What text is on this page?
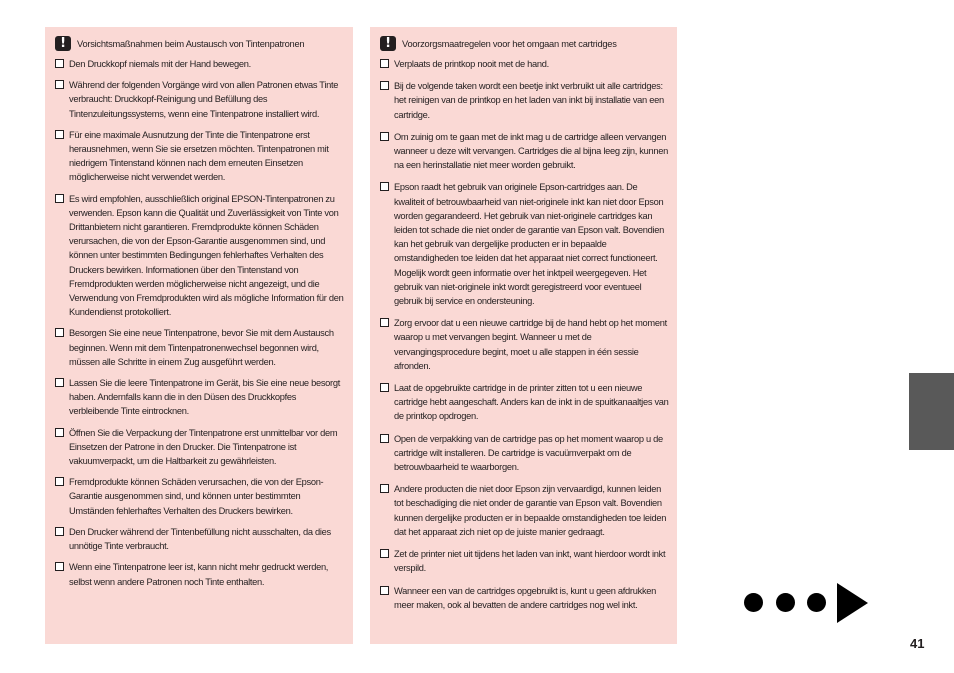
!	Vorsichtsmaßnahmen beim Austausch von Tintenpatronen
Den Druckkopf niemals mit der Hand bewegen.
Während der folgenden Vorgänge wird von allen Patronen etwas Tinte verbraucht: Druckkopf-Reinigung und Befüllung des Tintenzuleitungssystems, wenn eine Tintenpatrone installiert wird.
Für eine maximale Ausnutzung der Tinte die Tintenpatrone erst herausnehmen, wenn Sie sie ersetzen möchten. Tintenpatronen mit niedrigem Tintenstand können nach dem erneuten Einsetzen möglicherweise nicht verwendet werden.
Es wird empfohlen, ausschließlich original EPSON-Tintenpatronen zu verwenden. Epson kann die Qualität und Zuverlässigkeit von Tinte von Drittanbietern nicht garantieren. Fremdprodukte können Schäden verursachen, die von der Epson-Garantie ausgenommen sind, und können unter bestimmten Bedingungen fehlerhaftes Verhalten des Druckers bewirken. Informationen über den Tintenstand von Fremdprodukten werden möglicherweise nicht angezeigt, und die Verwendung von Fremdprodukten wird als mögliche Information für den Kundendienst protokolliert.
Besorgen Sie eine neue Tintenpatrone, bevor Sie mit dem Austausch beginnen. Wenn mit dem Tintenpatronenwechsel begonnen wird, müssen alle Schritte in einem Zug ausgeführt werden.
Lassen Sie die leere Tintenpatrone im Gerät, bis Sie eine neue besorgt haben. Andernfalls kann die in den Düsen des Druckkopfes verbleibende Tinte eintrocknen.
Öffnen Sie die Verpackung der Tintenpatrone erst unmittelbar vor dem Einsetzen der Patrone in den Drucker. Die Tintenpatrone ist vakuumverpackt, um die Haltbarkeit zu gewährleisten.
Fremdprodukte können Schäden verursachen, die von der Epson-Garantie ausgenommen sind, und können unter bestimmten Umständen fehlerhaftes Verhalten des Druckers bewirken.
Den Drucker während der Tintenbefüllung nicht ausschalten, da dies unnötige Tinte verbraucht.
Wenn eine Tintenpatrone leer ist, kann nicht mehr gedruckt werden, selbst wenn andere Patronen noch Tinte enthalten.
!	Voorzorgsmaatregelen voor het omgaan met cartridges
Verplaats de printkop nooit met de hand.
Bij de volgende taken wordt een beetje inkt verbruikt uit alle cartridges: het reinigen van de printkop en het laden van inkt bij installatie van een cartridge.
Om zuinig om te gaan met de inkt mag u de cartridge alleen vervangen wanneer u deze wilt vervangen. Cartridges die al bijna leeg zijn, kunnen na een herinstallatie niet meer worden gebruikt.
Epson raadt het gebruik van originele Epson-cartridges aan. De kwaliteit of betrouwbaarheid van niet-originele inkt kan niet door Epson worden gegarandeerd. Het gebruik van niet-originele cartridges kan leiden tot schade die niet onder de garantie van Epson valt. Bovendien kan het gebruik van dergelijke producten er in bepaalde omstandigheden toe leiden dat het apparaat niet correct functioneert. Mogelijk wordt geen informatie over het inktpeil weergegeven. Het gebruik van niet-originele inkt wordt geregistreerd voor eventueel gebruik bij service en ondersteuning.
Zorg ervoor dat u een nieuwe cartridge bij de hand hebt op het moment waarop u met vervangen begint. Wanneer u met de vervangingsprocedure begint, moet u alle stappen in één sessie afronden.
Laat de opgebruikte cartridge in de printer zitten tot u een nieuwe cartridge hebt aangeschaft. Anders kan de inkt in de spuitkanaaltjes van de printkop opdrogen.
Open de verpakking van de cartridge pas op het moment waarop u de cartridge wilt installeren. De cartridge is vacuümverpakt om de betrouwbaarheid te waarborgen.
Andere producten die niet door Epson zijn vervaardigd, kunnen leiden tot beschadiging die niet onder de garantie van Epson valt. Bovendien kunnen dergelijke producten er in bepaalde omstandigheden toe leiden dat het apparaat zich niet op de juiste manier gedraagt.
Zet de printer niet uit tijdens het laden van inkt, want hierdoor wordt inkt verspild.
Wanneer een van de cartridges opgebruikt is, kunt u geen afdrukken meer maken, ook al bevatten de andere cartridges nog wel inkt.
41
